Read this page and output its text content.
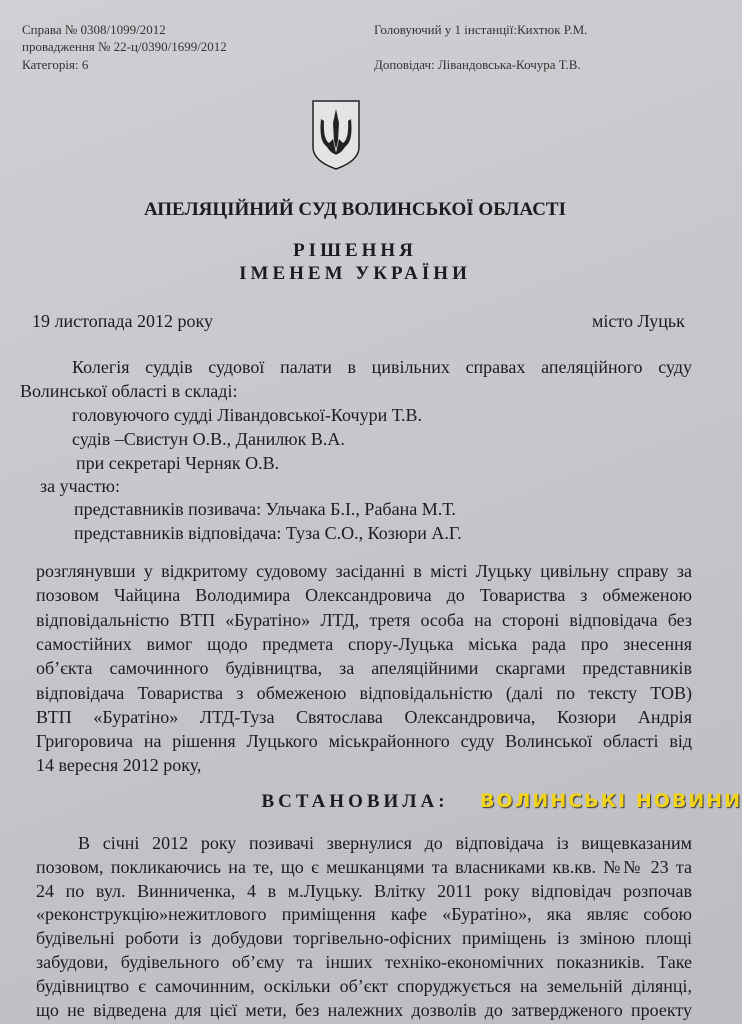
Справа № 0308/1099/2012
провадження № 22-ц/0390/1699/2012
Категорія: 6
Головуючий у 1 інстанції:Кихтюк Р.М.
Доповідач: Лівандовська-Кочура Т.В.
АПЕЛЯЦІЙНИЙ СУД ВОЛИНСЬКОЇ ОБЛАСТІ
РІШЕННЯ
ІМЕНЕМ УКРАЇНИ
19 листопада 2012 року	місто Луцьк
Колегія суддів судової палати в цивільних справах апеляційного суду
Волинської області в складі:
головуючого судді Лівандовської-Кочури Т.В.
судів –Свистун О.В., Данилюк В.А.
при секретарі Черняк О.В.
за участю:
представників позивача: Ульчака Б.І., Рабана М.Т.
представників відповідача: Туза С.О., Козюри А.Г.
розглянувши у відкритому судовому засіданні в місті Луцьку цивільну справу за
позовом Чайцина Володимира Олександровича до Товариства з обмеженою
відповідальністю ВТП «Буратіно» ЛТД, третя особа на стороні відповідача без
самостійних вимог щодо предмета спору-Луцька міська рада про знесення
об’єкта самочинного будівництва, за апеляційними скаргами представників
відповідача Товариства з обмеженою відповідальністю (далі по тексту ТОВ)
ВТП «Буратіно» ЛТД-Туза Святослава Олександровича, Козюри Андрія
Григоровича на рішення Луцького міськрайонного суду Волинської області від
14 вересня 2012 року,
ВСТАНОВИЛА:
В січні 2012 року позивачі звернулися до відповідача із вищевказаним
позовом, покликаючись на те, що є мешканцями та власниками кв.кв. №№ 23 та
24 по вул. Винниченка, 4 в м.Луцьку. Влітку 2011 року відповідач розпочав
«реконструкцію»нежитлового приміщення кафе «Буратіно», яка являє собою
будівельні роботи із добудови торгівельно-офісних приміщень із зміною площі
забудови, будівельного об’єму та інших техніко-економічних показників. Таке
будівництво є самочинним, оскільки об’єкт споруджується на земельній ділянці,
що не відведена для цієї мети, без належних дозволів до затвердженого проекту
ВОЛИНСЬКІ НОВИНИ
